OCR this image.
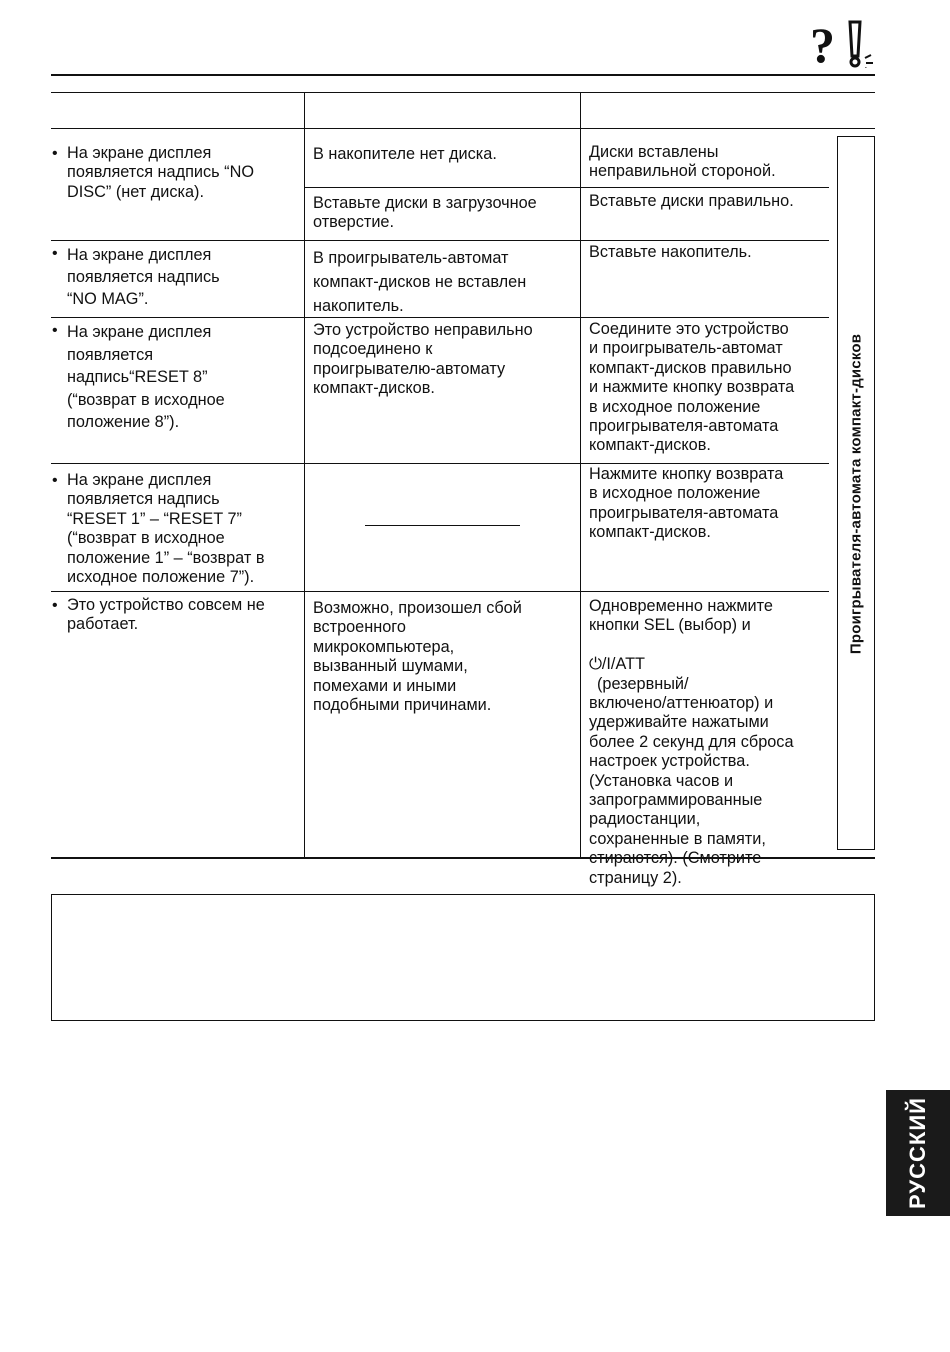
?
Проигрывателя-автомата компакт-дисков
• На экране дисплея
появляется надпись “NO
DISC” (нет диска).
В накопителе нет диска.
Вставьте диски в загрузочное
отверстие.
Диски вставлены
неправильной стороной.
Вставьте диски правильно.
• На экране дисплея
появляется надпись
“NO MAG”.
В проигрыватель-автомат
компакт-дисков не вставлен
накопитель.
Вставьте накопитель.
• На экране дисплея
появляется
надпись“RESET 8”
(“возврат в исходное
положение 8”).
Это устройство неправильно
подсоединено к
проигрывателю-автомату
компакт-дисков.
Соедините это устройство
и проигрыватель-автомат
компакт-дисков правильно
и нажмите кнопку возврата
в исходное положение
проигрывателя-автомата
компакт-дисков.
• На экране дисплея
появляется надпись
“RESET 1” – “RESET 7”
(“возврат в исходное
положение 1” – “возврат в
исходное положение 7”).
Нажмите кнопку возврата
в исходное положение
проигрывателя-автомата
компакт-дисков.
• Это устройство совсем не
работает.
Возможно, произошел сбой
встроенного
микрокомпьютера,
вызванный шумами,
помехами и иными
подобными причинами.
Одновременно нажмите
кнопки SEL (выбор) и

⏻/I/ATT
(резервный/

включено/аттенюатор) и
удерживайте нажатыми
более 2 секунд для сброса
настроек устройства.
(Установка часов и
запрограммированные
радиостанции,
сохраненные в памяти,
стираются). (Смотрите
страницу 2).
РУССКИЙ
